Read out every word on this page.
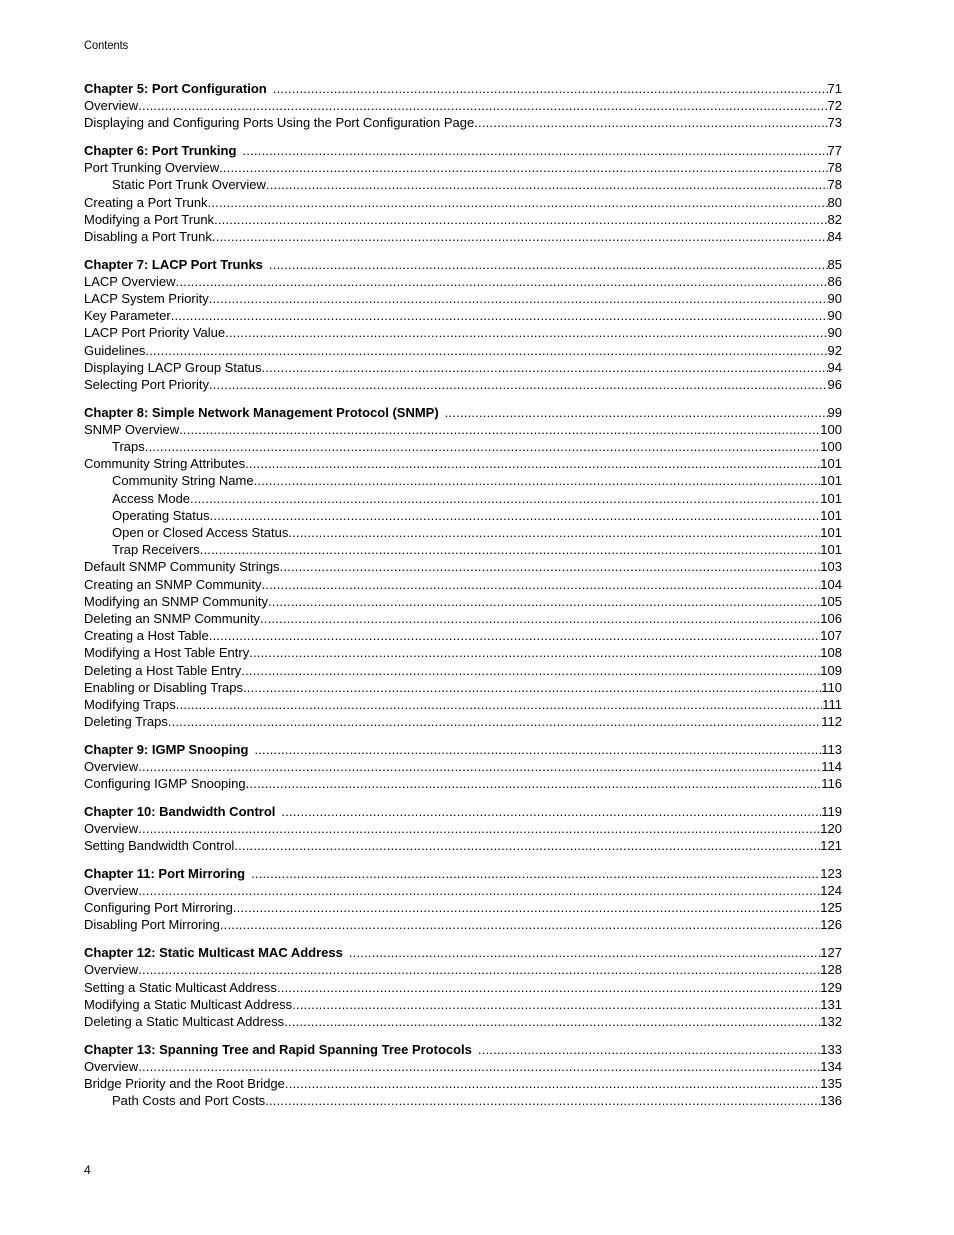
Contents
Chapter 5: Port Configuration .....	71
Overview .....	72
Displaying and Configuring Ports Using the Port Configuration Page .....	73
Chapter 6: Port Trunking .....	77
Port Trunking Overview .....	78
Static Port Trunk Overview .....	78
Creating a Port Trunk .....	80
Modifying a Port Trunk .....	82
Disabling a Port Trunk .....	84
Chapter 7: LACP Port Trunks .....	85
LACP Overview .....	86
LACP System Priority .....	90
Key Parameter .....	90
LACP Port Priority Value .....	90
Guidelines .....	92
Displaying LACP Group Status .....	94
Selecting Port Priority .....	96
Chapter 8: Simple Network Management Protocol (SNMP) .....	99
SNMP Overview .....	100
Traps .....	100
Community String Attributes .....	101
Community String Name .....	101
Access Mode .....	101
Operating Status .....	101
Open or Closed Access Status .....	101
Trap Receivers .....	101
Default SNMP Community Strings .....	103
Creating an SNMP Community .....	104
Modifying an SNMP Community .....	105
Deleting an SNMP Community .....	106
Creating a Host Table .....	107
Modifying a Host Table Entry .....	108
Deleting a Host Table Entry .....	109
Enabling or Disabling Traps .....	110
Modifying Traps .....	111
Deleting Traps .....	112
Chapter 9: IGMP Snooping .....	113
Overview .....	114
Configuring IGMP Snooping .....	116
Chapter 10: Bandwidth Control .....	119
Overview .....	120
Setting Bandwidth Control .....	121
Chapter 11: Port Mirroring .....	123
Overview .....	124
Configuring Port Mirroring .....	125
Disabling Port Mirroring .....	126
Chapter 12: Static Multicast MAC Address .....	127
Overview .....	128
Setting a Static Multicast Address .....	129
Modifying a Static Multicast Address .....	131
Deleting a Static Multicast Address .....	132
Chapter 13: Spanning Tree and Rapid Spanning Tree Protocols .....	133
Overview .....	134
Bridge Priority and the Root Bridge .....	135
Path Costs and Port Costs .....	136
4
